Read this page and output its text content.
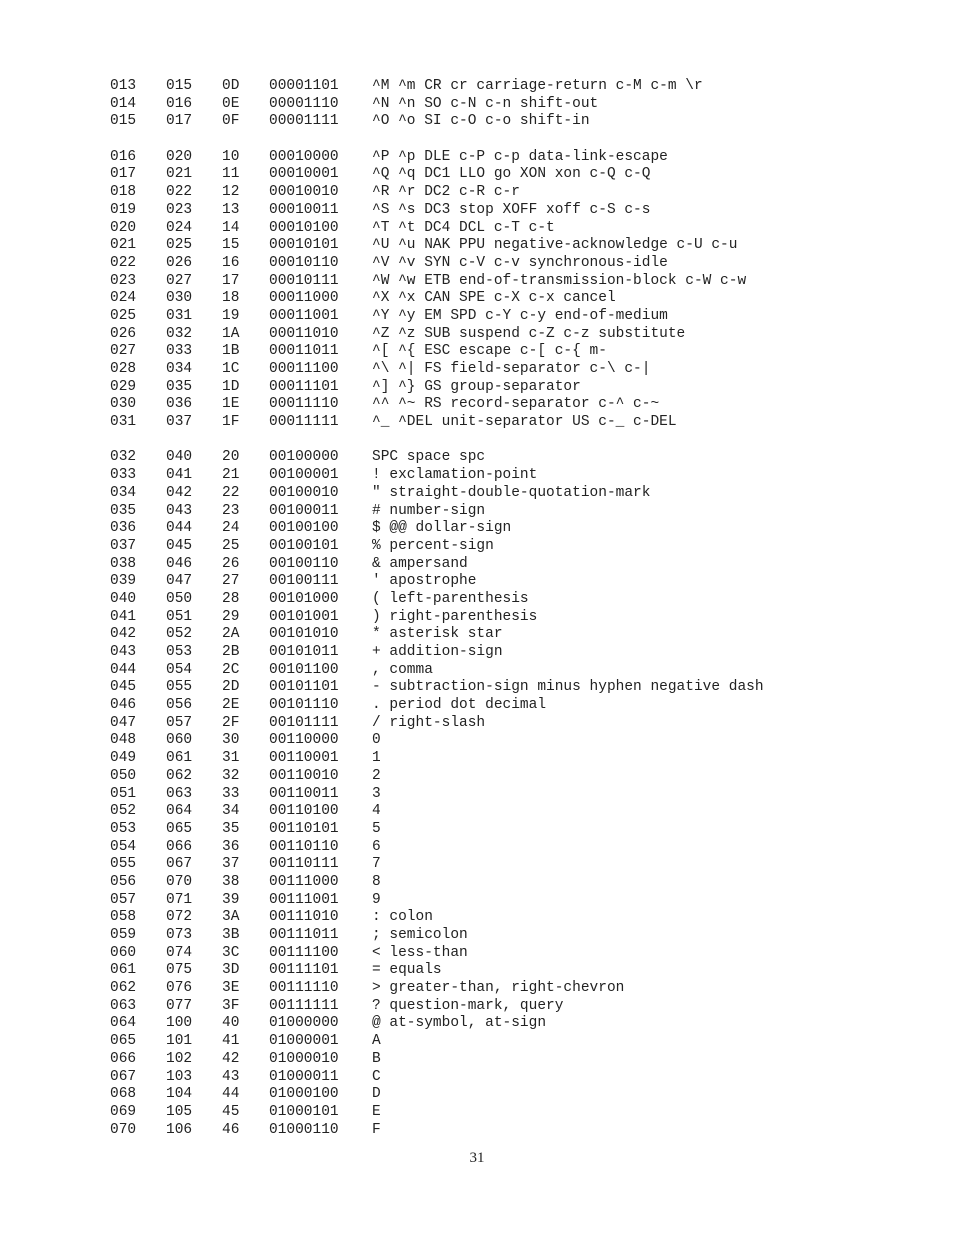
013 015 0D 00001101 ^M ^m CR cr carriage-return c-M c-m \r
014 016 0E 00001110 ^N ^n SO c-N c-n shift-out
015 017 0F 00001111 ^O ^o SI c-O c-o shift-in
016 020 10 00010000 ^P ^p DLE c-P c-p data-link-escape
017 021 11 00010001 ^Q ^q DC1 LLO go XON xon c-Q c-Q
018 022 12 00010010 ^R ^r DC2 c-R c-r
019 023 13 00010011 ^S ^s DC3 stop XOFF xoff c-S c-s
020 024 14 00010100 ^T ^t DC4 DCL c-T c-t
021 025 15 00010101 ^U ^u NAK PPU negative-acknowledge c-U c-u
022 026 16 00010110 ^V ^v SYN c-V c-v synchronous-idle
023 027 17 00010111 ^W ^w ETB end-of-transmission-block c-W c-w
024 030 18 00011000 ^X ^x CAN SPE c-X c-x cancel
025 031 19 00011001 ^Y ^y EM SPD c-Y c-y end-of-medium
026 032 1A 00011010 ^Z ^z SUB suspend c-Z c-z substitute
027 033 1B 00011011 ^[ ^{ ESC escape c-[ c-{ m-
028 034 1C 00011100 ^\ ^| FS field-separator c-\ c-|
029 035 1D 00011101 ^] ^} GS group-separator
030 036 1E 00011110 ^^ ^~ RS record-separator c-^ c-~
031 037 1F 00011111 ^_ ^DEL unit-separator US c-_ c-DEL
032 040 20 00100000 SPC space spc
033 041 21 00100001 ! exclamation-point
034 042 22 00100010 " straight-double-quotation-mark
035 043 23 00100011 # number-sign
036 044 24 00100100 $ @@ dollar-sign
037 045 25 00100101 % percent-sign
038 046 26 00100110 & ampersand
039 047 27 00100111 ' apostrophe
040 050 28 00101000 ( left-parenthesis
041 051 29 00101001 ) right-parenthesis
042 052 2A 00101010 * asterisk star
043 053 2B 00101011 + addition-sign
044 054 2C 00101100 , comma
045 055 2D 00101101 - subtraction-sign minus hyphen negative dash
046 056 2E 00101110 . period dot decimal
047 057 2F 00101111 / right-slash
048 060 30 00110000 0
049 061 31 00110001 1
050 062 32 00110010 2
051 063 33 00110011 3
052 064 34 00110100 4
053 065 35 00110101 5
054 066 36 00110110 6
055 067 37 00110111 7
056 070 38 00111000 8
057 071 39 00111001 9
058 072 3A 00111010 : colon
059 073 3B 00111011 ; semicolon
060 074 3C 00111100 < less-than
061 075 3D 00111101 = equals
062 076 3E 00111110 > greater-than, right-chevron
063 077 3F 00111111 ? question-mark, query
064 100 40 01000000 @ at-symbol, at-sign
065 101 41 01000001 A
066 102 42 01000010 B
067 103 43 01000011 C
068 104 44 01000100 D
069 105 45 01000101 E
070 106 46 01000110 F
31
